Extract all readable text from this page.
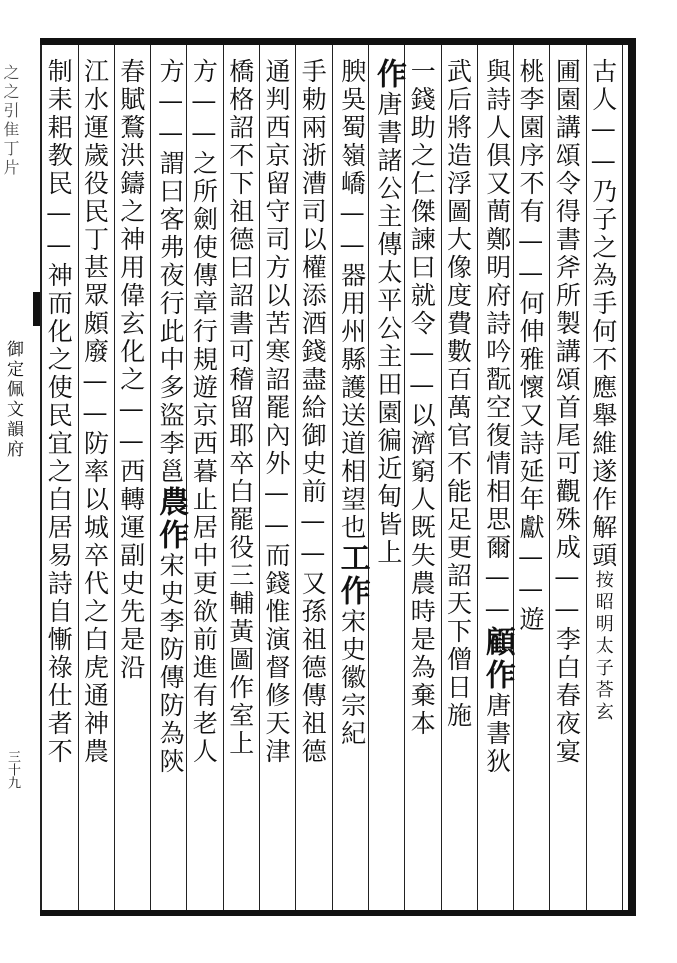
之之引隹丁片
御定佩文韻府
三十九
古人——乃子之為手何不應舉維遂作解頭按昭明太子荅玄
圃園講頌令得書斧所製講頌首尾可觀殊成——李白春夜宴
桃李園序不有——何伸雅懷又詩延年獻——遊
與詩人俱又蕳鄭明府詩吟翫空復情相思爾——顧作唐書狄
武后將造浮圖大像度費數百萬官不能足更詔天下僧日施
一錢助之仁傑諫曰就令——以濟窮人既失農時是為棄本
作唐書諸公主傳太平公主田園徧近甸皆上
腴吳蜀嶺嶠——器用州縣護送道相望也工作宋史徽宗紀
手勅兩浙漕司以權添酒錢盡給御史前——又孫祖德傳祖德
通判西京留守司方以苦寒詔罷內外——而錢惟演督修天津
橋格詔不下祖德曰詔書可稽留耶卒白罷役三輔黃圖作室上
方——之所劍使傳章行規遊京西暮止居中更欲前進有老人
方——謂曰客弗夜行此中多盜李邕農作宋史李防傳防為陝
春賦鶩洪鑄之神用偉玄化之——西轉運副史先是沿
江水運歲役民丁甚眾頗廢——防率以城卒代之白虎通神農
制耒耜教民——神而化之使民宜之白居易詩自慚祿仕者不
